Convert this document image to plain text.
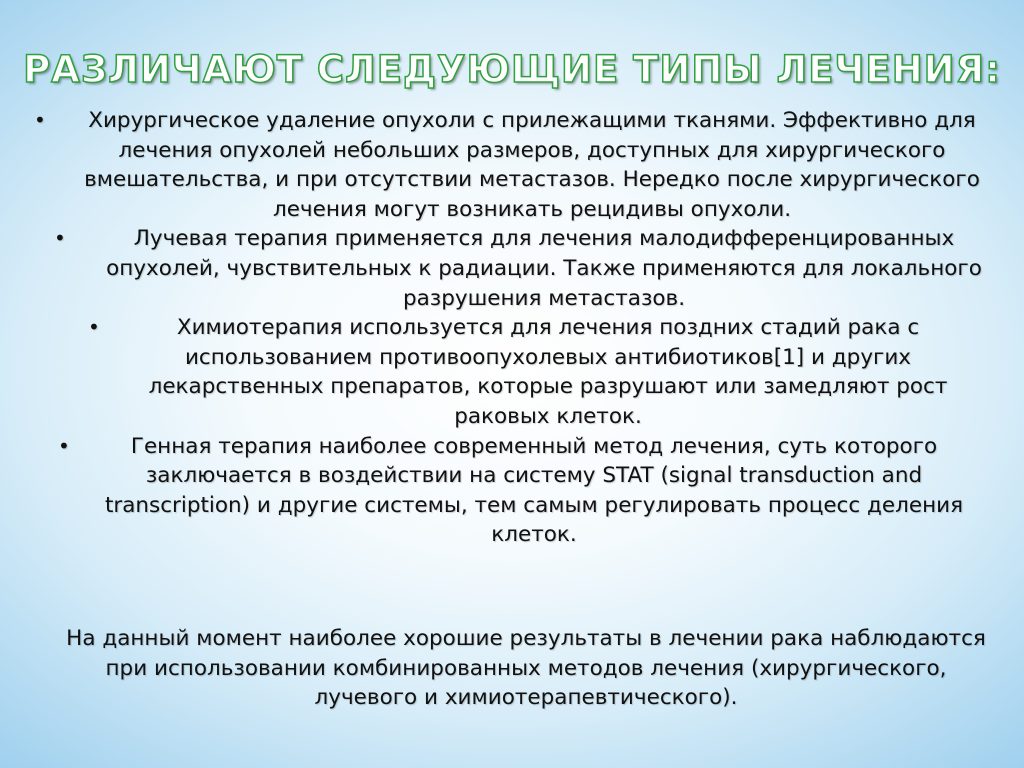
РАЗЛИЧАЮТ СЛЕДУЮЩИЕ ТИПЫ ЛЕЧЕНИЯ:
•	Хирургическое удаление опухоли с прилежащими тканями. Эффективно для лечения опухолей небольших размеров, доступных для хирургического вмешательства, и при отсутствии метастазов. Нередко после хирургического лечения могут возникать рецидивы опухоли.
•	Лучевая терапия применяется для лечения малодифференцированных опухолей, чувствительных к радиации. Также применяются для локального разрушения метастазов.
•	Химиотерапия используется для лечения поздних стадий рака с использованием противоопухолевых антибиотиков[1] и других лекарственных препаратов, которые разрушают или замедляют рост раковых клеток.
•	Генная терапия наиболее современный метод лечения, суть которого заключается в воздействии на систему STAT (signal transduction and transcription) и другие системы, тем самым регулировать процесс деления клеток.

На данный момент наиболее хорошие результаты в лечении рака наблюдаются при использовании комбинированных методов лечения (хирургического, лучевого и химиотерапевтического).
